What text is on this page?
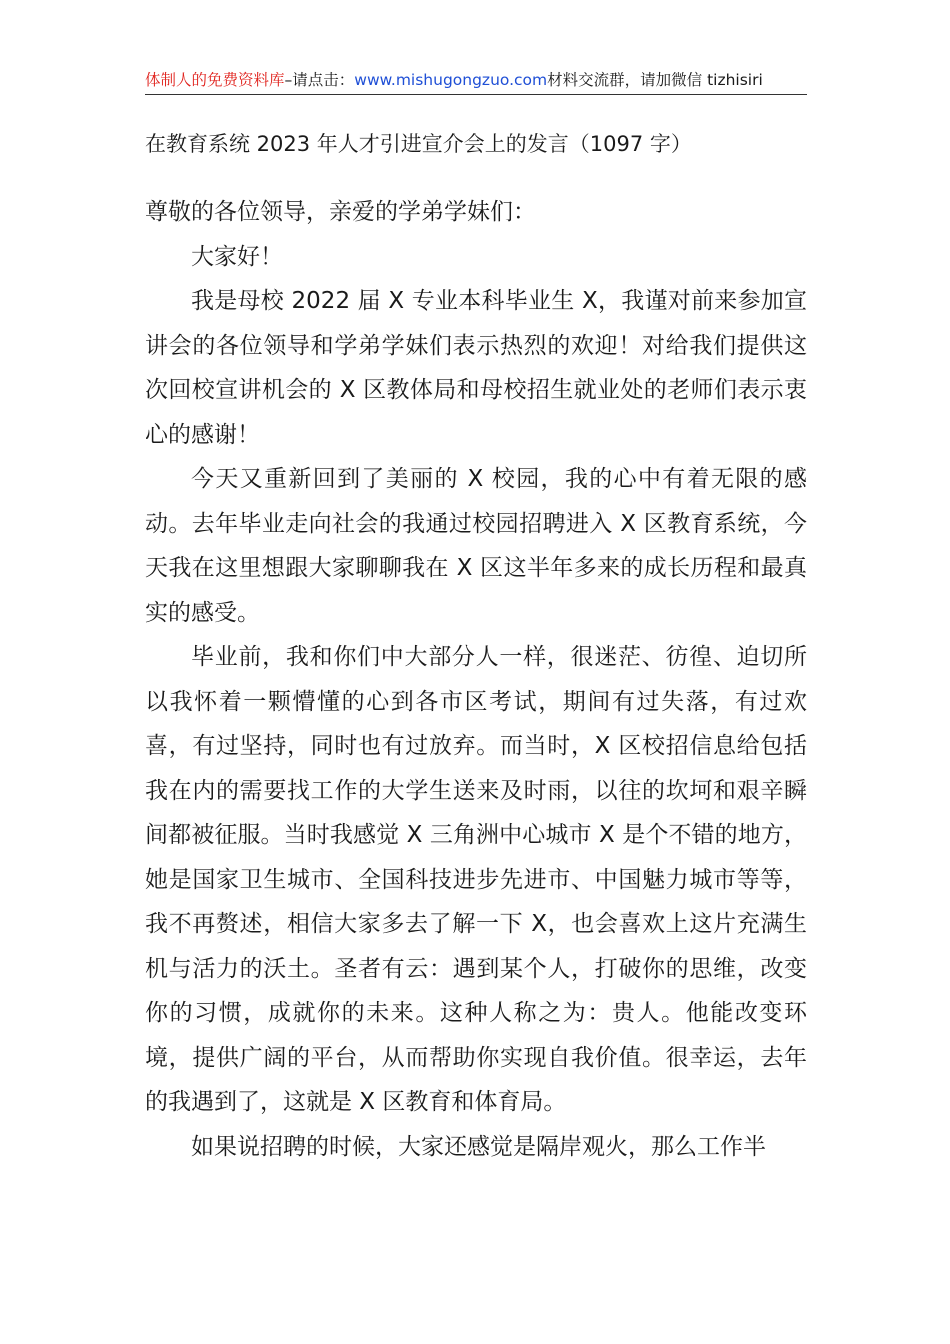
体制人的免费资料库–请点击：www.mishugongzuo.com材料交流群，请加微信 tizhisiri
在教育系统 2023 年人才引进宣介会上的发言（1097 字）

尊敬的各位领导，亲爱的学弟学妹们：

大家好！

我是母校 2022 届 X 专业本科毕业生 X，我谨对前来参加宣讲会的各位领导和学弟学妹们表示热烈的欢迎！对给我们提供这次回校宣讲机会的 X 区教体局和母校招生就业处的老师们表示衷心的感谢！

今天又重新回到了美丽的 X 校园，我的心中有着无限的感动。去年毕业走向社会的我通过校园招聘进入 X 区教育系统，今天我在这里想跟大家聊聊我在 X 区这半年多来的成长历程和最真实的感受。

毕业前，我和你们中大部分人一样，很迷茫、彷徨、迫切所以我怀着一颗懵懂的心到各市区考试，期间有过失落，有过欢喜，有过坚持，同时也有过放弃。而当时，X 区校招信息给包括我在内的需要找工作的大学生送来及时雨，以往的坎坷和艰辛瞬间都被征服。当时我感觉 X 三角洲中心城市 X 是个不错的地方，她是国家卫生城市、全国科技进步先进市、中国魅力城市等等，我不再赘述，相信大家多去了解一下 X，也会喜欢上这片充满生机与活力的沃土。圣者有云：遇到某个人，打破你的思维，改变你的习惯，成就你的未来。这种人称之为：贵人。他能改变环境，提供广阔的平台，从而帮助你实现自我价值。很幸运，去年的我遇到了，这就是 X 区教育和体育局。

如果说招聘的时候，大家还感觉是隔岸观火，那么工作半
